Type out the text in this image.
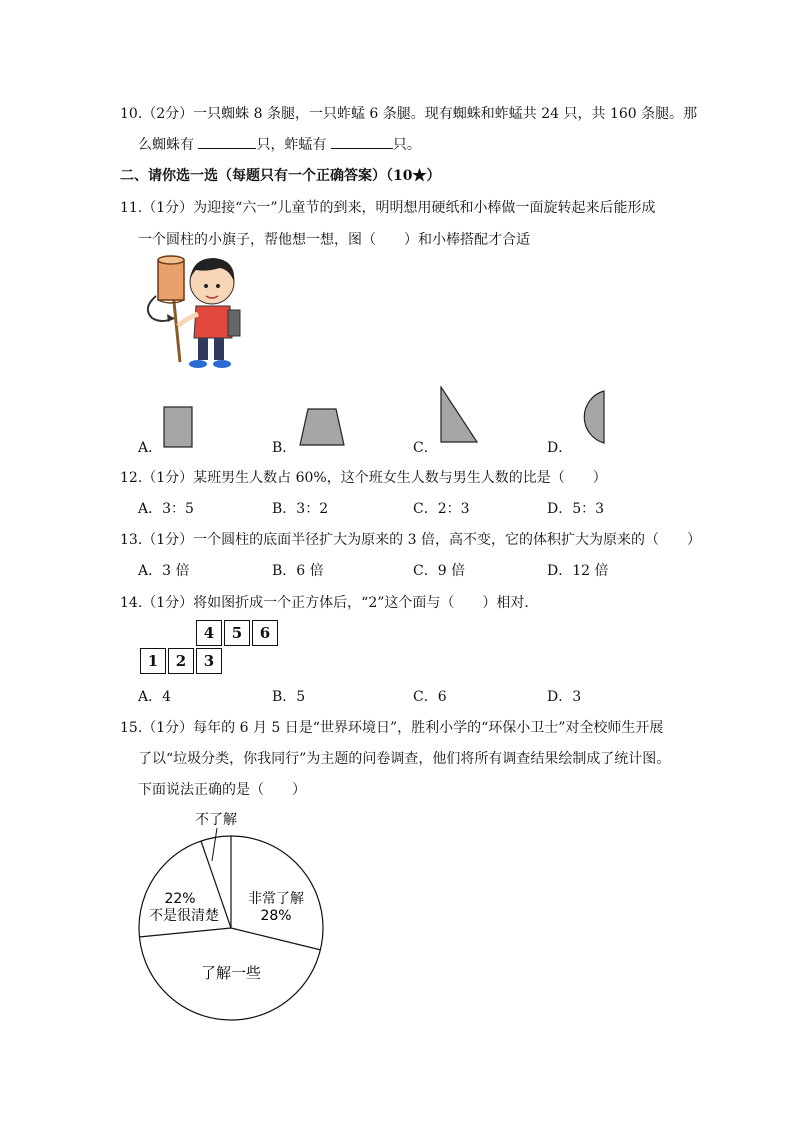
10.（2分）一只蜘蛛 8 条腿，一只蚱蜢 6 条腿。现有蜘蛛和蚱蜢共 24 只，共 160 条腿。那
么蜘蛛有	只，蚱蜢有	只。
二、请你选一选（每题只有一个正确答案）（10★）
11.（1分）为迎接“六一”儿童节的到来，明明想用硬纸和小棒做一面旋转起来后能形成
一个圆柱的小旗子，帮他想一想，图（　　）和小棒搭配才合适
A．	B．	C．	D．
12.（1分）某班男生人数占 60%，这个班女生人数与男生人数的比是（　　）
A．3：5	B．3：2	C．2：3	D．5：3
13.（1分）一个圆柱的底面半径扩大为原来的 3 倍，高不变，它的体积扩大为原来的（　　）
A．3 倍	B．6 倍	C．9 倍	D．12 倍
14.（1分）将如图折成一个正方体后，“2”这个面与（　　）相对．
4	5	6
1	2	3
A．4	B．5	C．6	D．3
15.（1分）每年的 6 月 5 日是“世界环境日”，胜利小学的“环保小卫士”对全校师生开展
了以“垃圾分类，你我同行”为主题的问卷调查，他们将所有调查结果绘制成了统计图。
下面说法正确的是（　　）
不了解
非常了解
28%
22%
不是很清楚
了解一些
